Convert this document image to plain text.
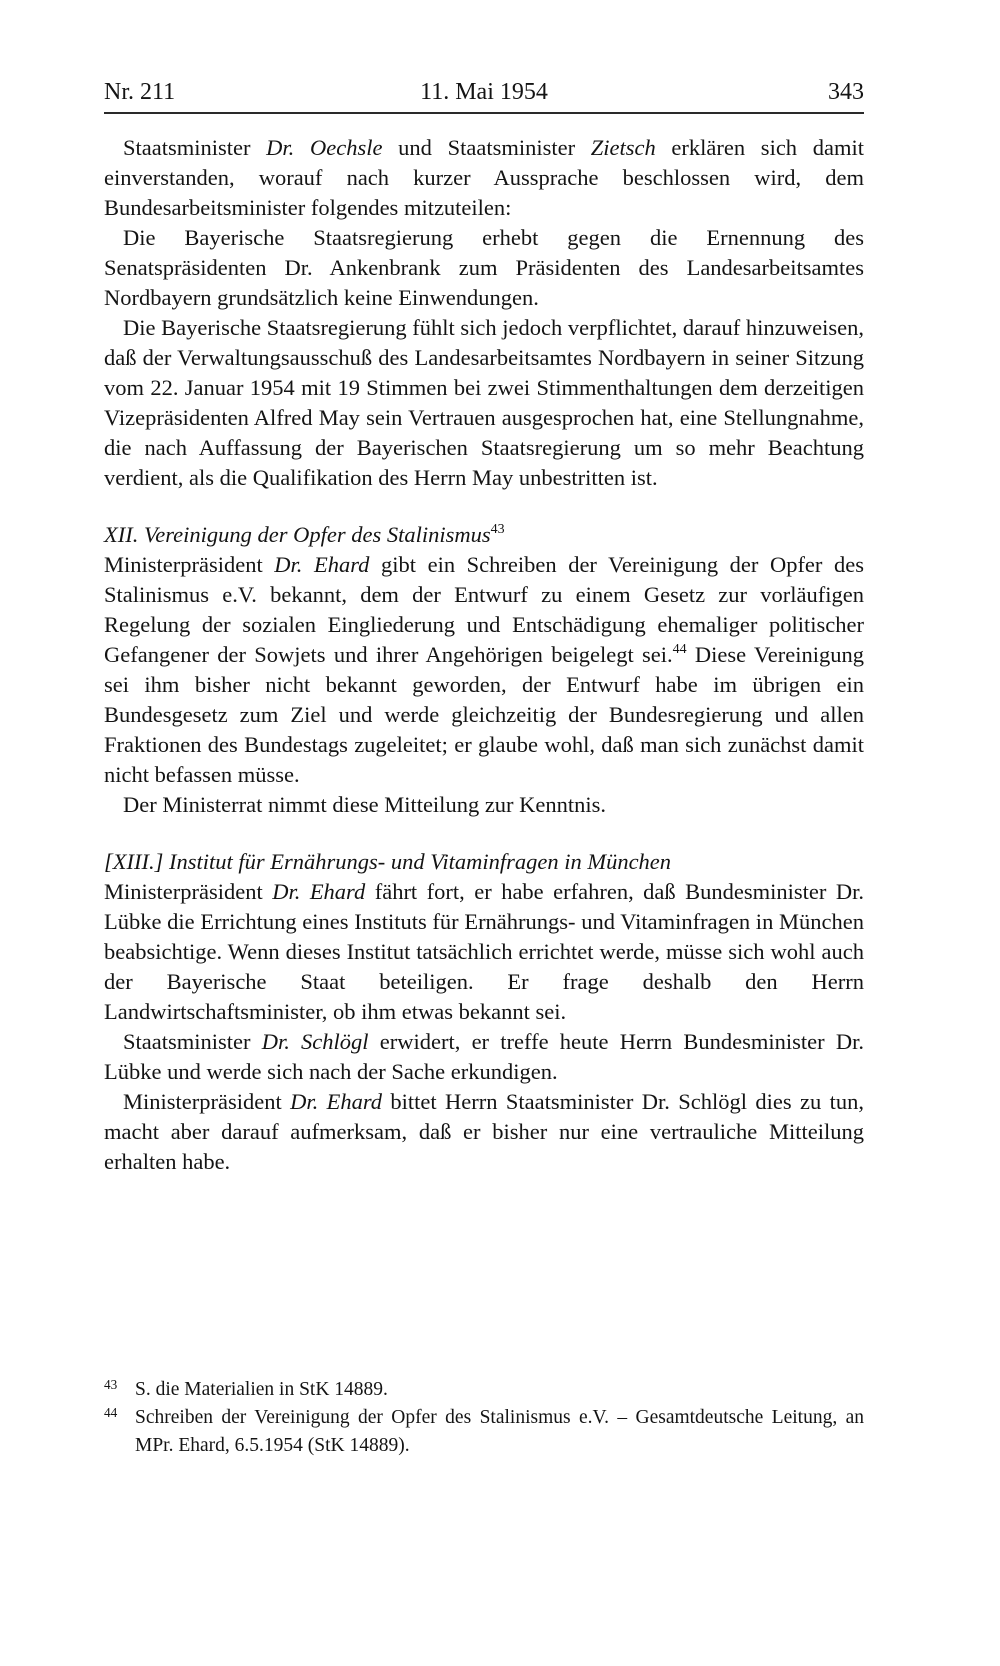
Nr. 211	11. Mai 1954	343
Staatsminister Dr. Oechsle und Staatsminister Zietsch erklären sich damit einverstanden, worauf nach kurzer Aussprache beschlossen wird, dem Bundesarbeitsminister folgendes mitzuteilen:
Die Bayerische Staatsregierung erhebt gegen die Ernennung des Senatspräsidenten Dr. Ankenbrank zum Präsidenten des Landesarbeitsamtes Nordbayern grundsätzlich keine Einwendungen.
Die Bayerische Staatsregierung fühlt sich jedoch verpflichtet, darauf hinzuweisen, daß der Verwaltungsausschuß des Landesarbeitsamtes Nordbayern in seiner Sitzung vom 22. Januar 1954 mit 19 Stimmen bei zwei Stimmenthaltungen dem derzeitigen Vizepräsidenten Alfred May sein Vertrauen ausgesprochen hat, eine Stellungnahme, die nach Auffassung der Bayerischen Staatsregierung um so mehr Beachtung verdient, als die Qualifikation des Herrn May unbestritten ist.
XII. Vereinigung der Opfer des Stalinismus$^{43}$
Ministerpräsident Dr. Ehard gibt ein Schreiben der Vereinigung der Opfer des Stalinismus e.V. bekannt, dem der Entwurf zu einem Gesetz zur vorläufigen Regelung der sozialen Eingliederung und Entschädigung ehemaliger politischer Gefangener der Sowjets und ihrer Angehörigen beigelegt sei.$^{44}$ Diese Vereinigung sei ihm bisher nicht bekannt geworden, der Entwurf habe im übrigen ein Bundesgesetz zum Ziel und werde gleichzeitig der Bundesregierung und allen Fraktionen des Bundestags zugeleitet; er glaube wohl, daß man sich zunächst damit nicht befassen müsse.
Der Ministerrat nimmt diese Mitteilung zur Kenntnis.
[XIII.] Institut für Ernährungs- und Vitaminfragen in München
Ministerpräsident Dr. Ehard fährt fort, er habe erfahren, daß Bundesminister Dr. Lübke die Errichtung eines Instituts für Ernährungs- und Vitaminfragen in München beabsichtige. Wenn dieses Institut tatsächlich errichtet werde, müsse sich wohl auch der Bayerische Staat beteiligen. Er frage deshalb den Herrn Landwirtschaftsminister, ob ihm etwas bekannt sei.
Staatsminister Dr. Schlögl erwidert, er treffe heute Herrn Bundesminister Dr. Lübke und werde sich nach der Sache erkundigen.
Ministerpräsident Dr. Ehard bittet Herrn Staatsminister Dr. Schlögl dies zu tun, macht aber darauf aufmerksam, daß er bisher nur eine vertrauliche Mitteilung erhalten habe.
43 S. die Materialien in StK 14889.
44 Schreiben der Vereinigung der Opfer des Stalinismus e.V. – Gesamtdeutsche Leitung, an MPr. Ehard, 6.5.1954 (StK 14889).
